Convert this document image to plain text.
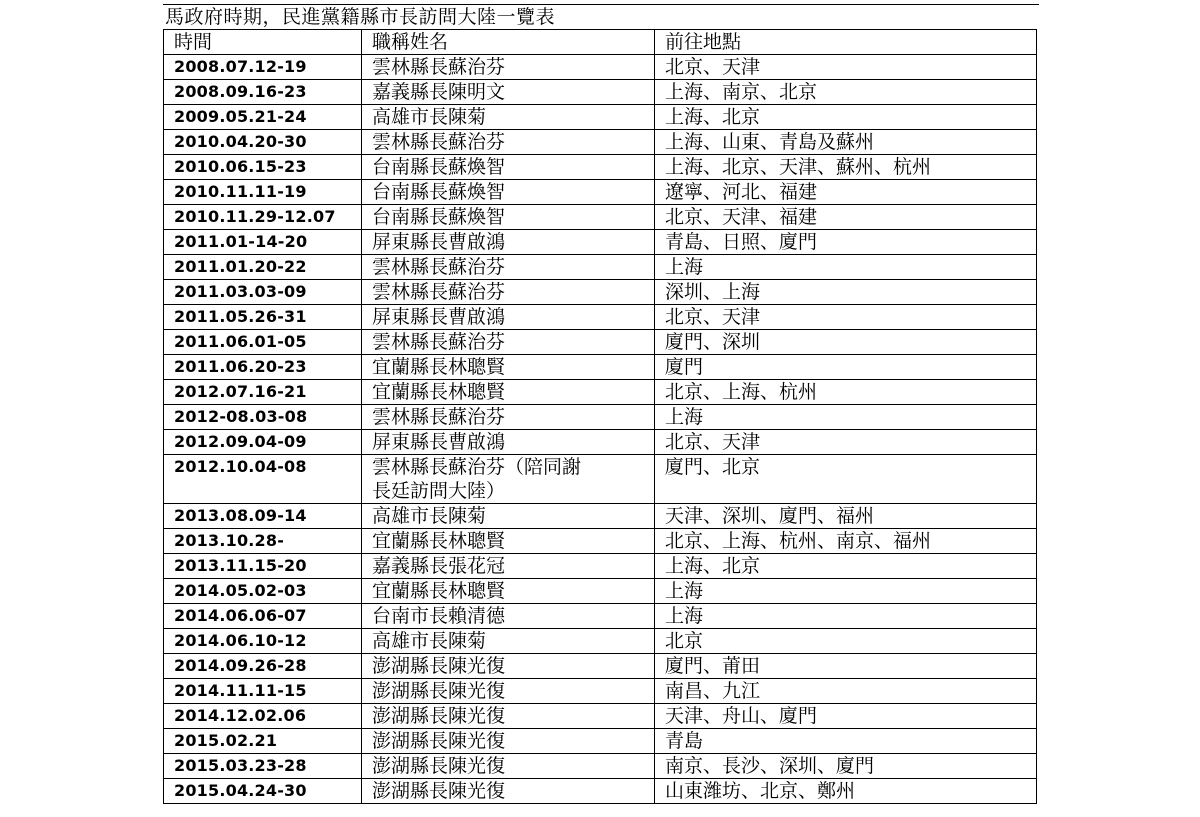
馬政府時期，民進黨籍縣市長訪問大陸一覽表
時間	職稱姓名	前往地點
2008.07.12-19	雲林縣長蘇治芬	北京、天津
2008.09.16-23	嘉義縣長陳明文	上海、南京、北京
2009.05.21-24	高雄市長陳菊	上海、北京
2010.04.20-30	雲林縣長蘇治芬	上海、山東、青島及蘇州
2010.06.15-23	台南縣長蘇煥智	上海、北京、天津、蘇州、杭州
2010.11.11-19	台南縣長蘇煥智	遼寧、河北、福建
2010.11.29-12.07	台南縣長蘇煥智	北京、天津、福建
2011.01-14-20	屏東縣長曹啟鴻	青島、日照、廈門
2011.01.20-22	雲林縣長蘇治芬	上海
2011.03.03-09	雲林縣長蘇治芬	深圳、上海
2011.05.26-31	屏東縣長曹啟鴻	北京、天津
2011.06.01-05	雲林縣長蘇治芬	廈門、深圳
2011.06.20-23	宜蘭縣長林聰賢	廈門
2012.07.16-21	宜蘭縣長林聰賢	北京、上海、杭州
2012-08.03-08	雲林縣長蘇治芬	上海
2012.09.04-09	屏東縣長曹啟鴻	北京、天津
2012.10.04-08	雲林縣長蘇治芬（陪同謝長廷訪問大陸）	廈門、北京
2013.08.09-14	高雄市長陳菊	天津、深圳、廈門、福州
2013.10.28-	宜蘭縣長林聰賢	北京、上海、杭州、南京、福州
2013.11.15-20	嘉義縣長張花冠	上海、北京
2014.05.02-03	宜蘭縣長林聰賢	上海
2014.06.06-07	台南市長賴清德	上海
2014.06.10-12	高雄市長陳菊	北京
2014.09.26-28	澎湖縣長陳光復	廈門、莆田
2014.11.11-15	澎湖縣長陳光復	南昌、九江
2014.12.02.06	澎湖縣長陳光復	天津、舟山、廈門
2015.02.21	澎湖縣長陳光復	青島
2015.03.23-28	澎湖縣長陳光復	南京、長沙、深圳、廈門
2015.04.24-30	澎湖縣長陳光復	山東潍坊、北京、鄭州
